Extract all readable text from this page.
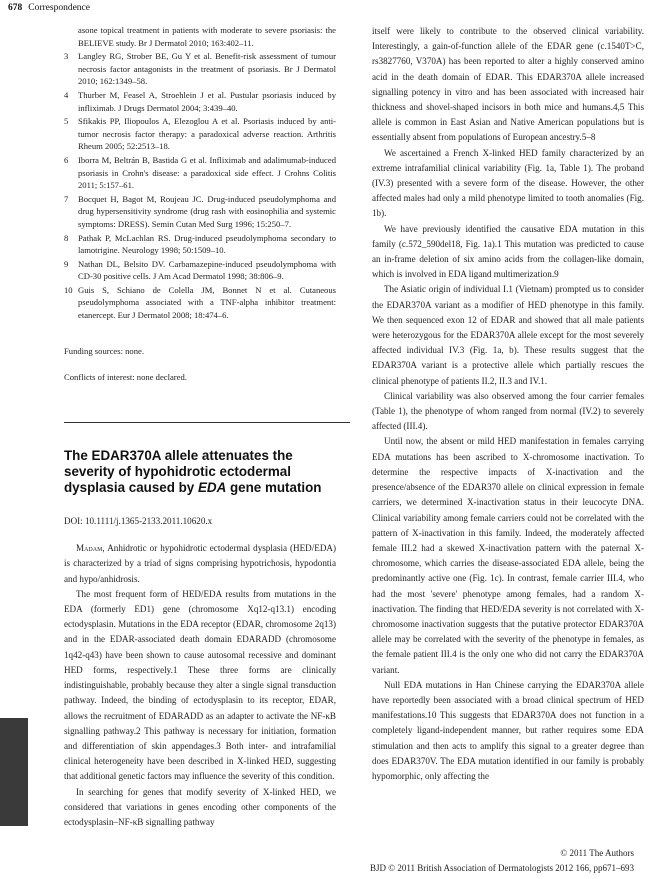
678 Correspondence
asone topical treatment in patients with moderate to severe psoriasis: the BELIEVE study. Br J Dermatol 2010; 163:402–11.
3 Langley RG, Strober BE, Gu Y et al. Benefit-risk assessment of tumour necrosis factor antagonists in the treatment of psoriasis. Br J Dermatol 2010; 162:1349–58.
4 Thurber M, Feasel A, Stroehlein J et al. Pustular psoriasis induced by infliximab. J Drugs Dermatol 2004; 3:439–40.
5 Sfikakis PP, Iliopoulos A, Elezoglou A et al. Psoriasis induced by anti-tumor necrosis factor therapy: a paradoxical adverse reaction. Arthritis Rheum 2005; 52:2513–18.
6 Iborra M, Beltrán B, Bastida G et al. Infliximab and adalimumab-induced psoriasis in Crohn's disease: a paradoxical side effect. J Crohns Colitis 2011; 5:157–61.
7 Bocquet H, Bagot M, Roujeau JC. Drug-induced pseudolymphoma and drug hypersensitivity syndrome (drug rash with eosinophilia and systemic symptoms: DRESS). Semin Cutan Med Surg 1996; 15:250–7.
8 Pathak P, McLachlan RS. Drug-induced pseudolymphoma secondary to lamotrigine. Neurology 1998; 50:1509–10.
9 Nathan DL, Belsito DV. Carbamazepine-induced pseudolymphoma with CD-30 positive cells. J Am Acad Dermatol 1998; 38:806–9.
10 Guis S, Schiano de Colella JM, Bonnet N et al. Cutaneous pseudolymphoma associated with a TNF-alpha inhibitor treatment: etanercept. Eur J Dermatol 2008; 18:474–6.
Funding sources: none.
Conflicts of interest: none declared.
The EDAR370A allele attenuates the severity of hypohidrotic ectodermal dysplasia caused by EDA gene mutation
DOI: 10.1111/j.1365-2133.2011.10620.x

Madam, Anhidrotic or hypohidrotic ectodermal dysplasia (HED/EDA) is characterized by a triad of signs comprising hypotrichosis, hypodontia and hypo/anhidrosis.

The most frequent form of HED/EDA results from mutations in the EDA (formerly ED1) gene (chromosome Xq12-q13.1) encoding ectodysplasin. Mutations in the EDA receptor (EDAR, chromosome 2q13) and in the EDAR-associated death domain EDARADD (chromosome 1q42-q43) have been shown to cause autosomal recessive and dominant HED forms, respectively.1 These three forms are clinically indistinguishable, probably because they alter a single signal transduction pathway. Indeed, the binding of ectodysplasin to its receptor, EDAR, allows the recruitment of EDARADD as an adapter to activate the NF-κB signalling pathway.2 This pathway is necessary for initiation, formation and differentiation of skin appendages.3 Both inter- and intrafamilial clinical heterogeneity have been described in X-linked HED, suggesting that additional genetic factors may influence the severity of this condition.

In searching for genes that modify severity of X-linked HED, we considered that variations in genes encoding other components of the ectodysplasin–NF-κB signalling pathway

itself were likely to contribute to the observed clinical variability. Interestingly, a gain-of-function allele of the EDAR gene (c.1540T>C, rs3827760, V370A) has been reported to alter a highly conserved amino acid in the death domain of EDAR. This EDAR370A allele increased signalling potency in vitro and has been associated with increased hair thickness and shovel-shaped incisors in both mice and humans.4,5 This allele is common in East Asian and Native American populations but is essentially absent from populations of European ancestry.5–8

We ascertained a French X-linked HED family characterized by an extreme intrafamilial clinical variability (Fig. 1a, Table 1). The proband (IV.3) presented with a severe form of the disease. However, the other affected males had only a mild phenotype limited to tooth anomalies (Fig. 1b).

We have previously identified the causative EDA mutation in this family (c.572_590del18, Fig. 1a).1 This mutation was predicted to cause an in-frame deletion of six amino acids from the collagen-like domain, which is involved in EDA ligand multimerization.9

The Asiatic origin of individual I.1 (Vietnam) prompted us to consider the EDAR370A variant as a modifier of HED phenotype in this family. We then sequenced exon 12 of EDAR and showed that all male patients were heterozygous for the EDAR370A allele except for the most severely affected individual IV.3 (Fig. 1a, b). These results suggest that the EDAR370A variant is a protective allele which partially rescues the clinical phenotype of patients II.2, II.3 and IV.1.

Clinical variability was also observed among the four carrier females (Table 1), the phenotype of whom ranged from normal (IV.2) to severely affected (III.4).

Until now, the absent or mild HED manifestation in females carrying EDA mutations has been ascribed to X-chromosome inactivation. To determine the respective impacts of X-inactivation and the presence/absence of the EDAR370 allele on clinical expression in female carriers, we determined X-inactivation status in their leucocyte DNA. Clinical variability among female carriers could not be correlated with the pattern of X-inactivation in this family. Indeed, the moderately affected female III.2 had a skewed X-inactivation pattern with the paternal X-chromosome, which carries the disease-associated EDA allele, being the predominantly active one (Fig. 1c). In contrast, female carrier III.4, who had the most 'severe' phenotype among females, had a random X-inactivation. The finding that HED/EDA severity is not correlated with X-chromosome inactivation suggests that the putative protector EDAR370A allele may be correlated with the severity of the phenotype in females, as the female patient III.4 is the only one who did not carry the EDAR370A variant.

Null EDA mutations in Han Chinese carrying the EDAR370A allele have reportedly been associated with a broad clinical spectrum of HED manifestations.10 This suggests that EDAR370A does not function in a completely ligand-independent manner, but rather requires some EDA stimulation and then acts to amplify this signal to a greater degree than does EDAR370V. The EDA mutation identified in our family is probably hypomorphic, only affecting the

© 2011 The Authors
BJD © 2011 British Association of Dermatologists 2012 166, pp671–693
